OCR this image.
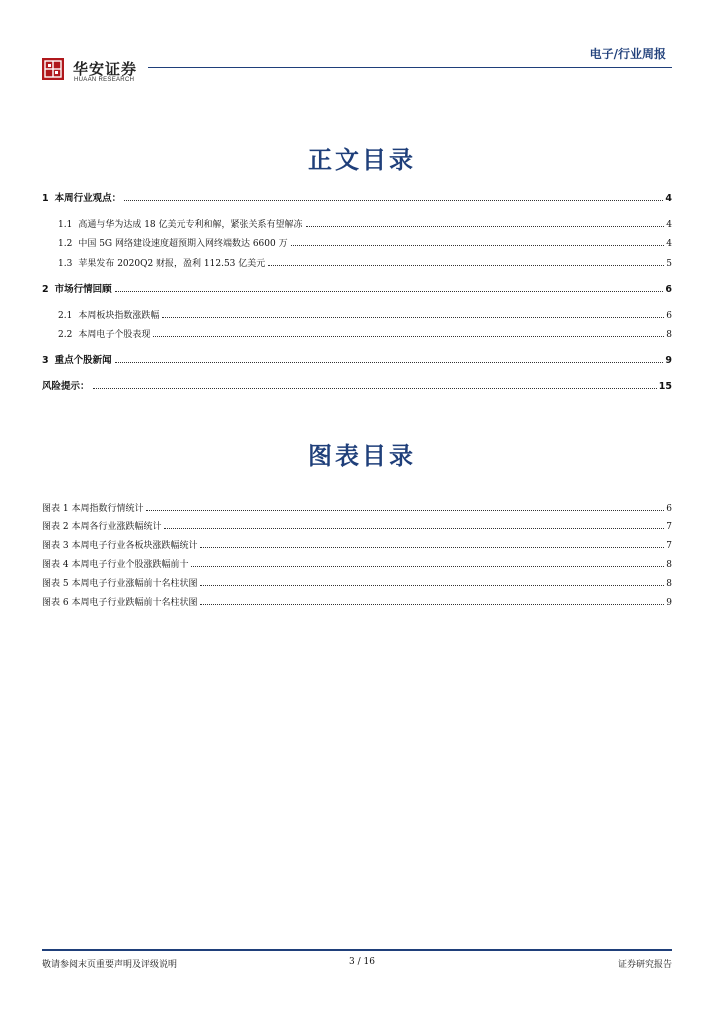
华安证券
HUAAN RESEARCH
电子/行业周报
正文目录
1 本周行业观点：	4
1.1 高通与华为达成 18 亿美元专利和解，紧张关系有望解冻	4
1.2 中国 5G 网络建设速度超预期入网终端数达 6600 万	4
1.3 苹果发布 2020Q2 财报，盈利 112.53 亿美元	5
2 市场行情回顾	6
2.1 本周板块指数涨跌幅	6
2.2 本周电子个股表现	8
3 重点个股新闻	9
风险提示：	15
图表目录
图表 1 本周指数行情统计	6
图表 2 本周各行业涨跌幅统计	7
图表 3 本周电子行业各板块涨跌幅统计	7
图表 4 本周电子行业个股涨跌幅前十	8
图表 5 本周电子行业涨幅前十名柱状图	8
图表 6 本周电子行业跌幅前十名柱状图	9
敬请参阅末页重要声明及评级说明	3 / 16	证券研究报告
